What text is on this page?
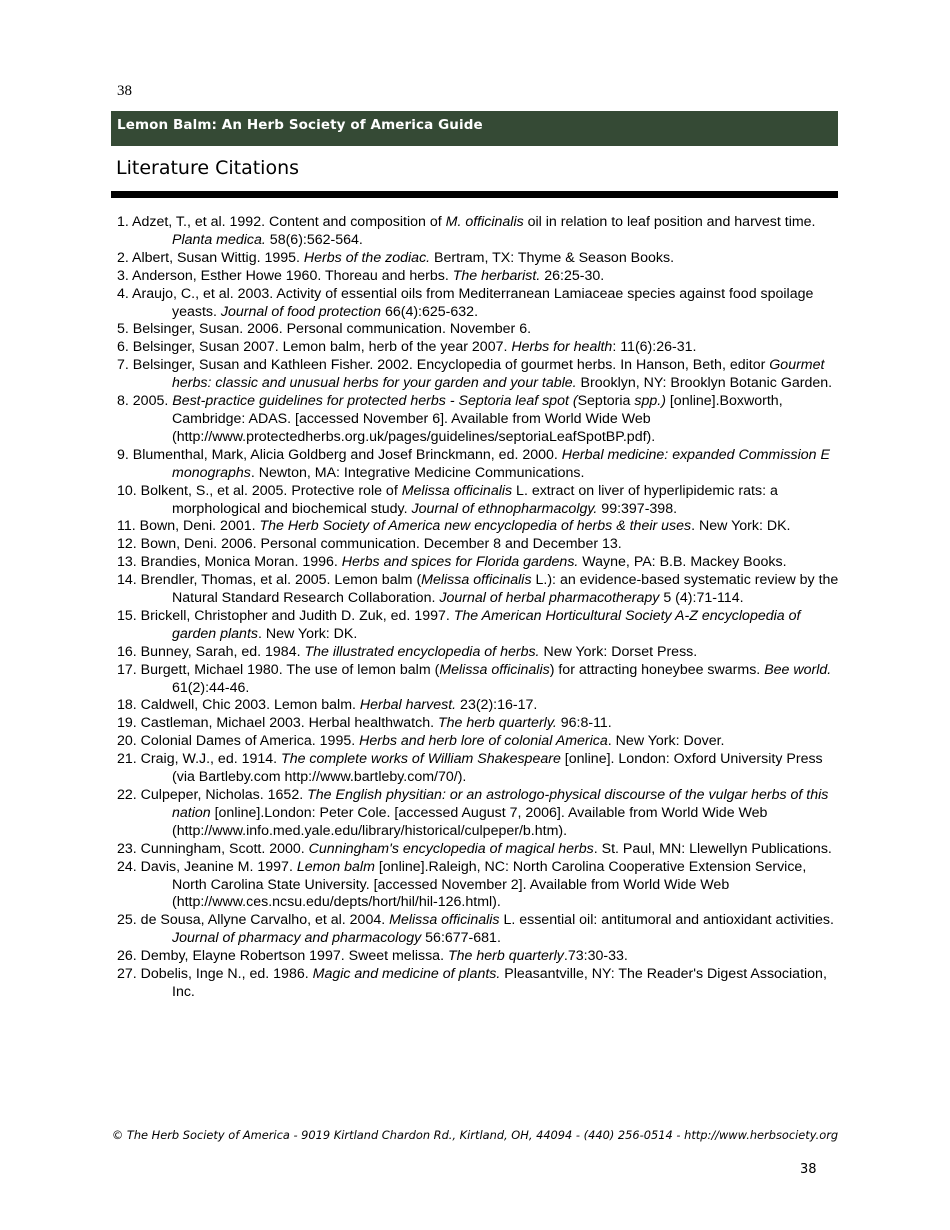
38
Lemon Balm: An Herb Society of America Guide
Literature Citations
1. Adzet, T., et al. 1992. Content and composition of M. officinalis oil in relation to leaf position and harvest time. Planta medica. 58(6):562-564.
2. Albert, Susan Wittig. 1995. Herbs of the zodiac. Bertram, TX: Thyme & Season Books.
3. Anderson, Esther Howe 1960. Thoreau and herbs. The herbarist. 26:25-30.
4. Araujo, C., et al. 2003. Activity of essential oils from Mediterranean Lamiaceae species against food spoilage yeasts. Journal of food protection 66(4):625-632.
5. Belsinger, Susan. 2006. Personal communication. November 6.
6. Belsinger, Susan 2007. Lemon balm, herb of the year 2007. Herbs for health: 11(6):26-31.
7. Belsinger, Susan and Kathleen Fisher. 2002. Encyclopedia of gourmet herbs. In Hanson, Beth, editor Gourmet herbs: classic and unusual herbs for your garden and your table. Brooklyn, NY: Brooklyn Botanic Garden.
8. 2005. Best-practice guidelines for protected herbs - Septoria leaf spot (Septoria spp.) [online].Boxworth, Cambridge: ADAS. [accessed November 6]. Available from World Wide Web (http://www.protectedherbs.org.uk/pages/guidelines/septoriaLeafSpotBP.pdf).
9. Blumenthal, Mark, Alicia Goldberg and Josef Brinckmann, ed. 2000. Herbal medicine: expanded Commission E monographs. Newton, MA: Integrative Medicine Communications.
10. Bolkent, S., et al. 2005. Protective role of Melissa officinalis L. extract on liver of hyperlipidemic rats: a morphological and biochemical study. Journal of ethnopharmacolgy. 99:397-398.
11. Bown, Deni. 2001. The Herb Society of America new encyclopedia of herbs & their uses. New York: DK.
12. Bown, Deni. 2006. Personal communication. December 8 and December 13.
13. Brandies, Monica Moran. 1996. Herbs and spices for Florida gardens. Wayne, PA: B.B. Mackey Books.
14. Brendler, Thomas, et al. 2005. Lemon balm (Melissa officinalis L.): an evidence-based systematic review by the Natural Standard Research Collaboration. Journal of herbal pharmacotherapy 5 (4):71-114.
15. Brickell, Christopher and Judith D. Zuk, ed. 1997. The American Horticultural Society A-Z encyclopedia of garden plants. New York: DK.
16. Bunney, Sarah, ed. 1984. The illustrated encyclopedia of herbs. New York: Dorset Press.
17. Burgett, Michael 1980. The use of lemon balm (Melissa officinalis) for attracting honeybee swarms. Bee world. 61(2):44-46.
18. Caldwell, Chic 2003. Lemon balm. Herbal harvest. 23(2):16-17.
19. Castleman, Michael 2003. Herbal healthwatch. The herb quarterly. 96:8-11.
20. Colonial Dames of America. 1995. Herbs and herb lore of colonial America. New York: Dover.
21. Craig, W.J., ed. 1914. The complete works of William Shakespeare [online]. London: Oxford University Press (via Bartleby.com http://www.bartleby.com/70/).
22. Culpeper, Nicholas. 1652. The English physitian: or an astrologo-physical discourse of the vulgar herbs of this nation [online].London: Peter Cole. [accessed August 7, 2006]. Available from World Wide Web (http://www.info.med.yale.edu/library/historical/culpeper/b.htm).
23. Cunningham, Scott. 2000. Cunningham's encyclopedia of magical herbs. St. Paul, MN: Llewellyn Publications.
24. Davis, Jeanine M. 1997. Lemon balm [online].Raleigh, NC: North Carolina Cooperative Extension Service, North Carolina State University. [accessed November 2]. Available from World Wide Web (http://www.ces.ncsu.edu/depts/hort/hil/hil-126.html).
25. de Sousa, Allyne Carvalho, et al. 2004. Melissa officinalis L. essential oil: antitumoral and antioxidant activities. Journal of pharmacy and pharmacology 56:677-681.
26. Demby, Elayne Robertson 1997. Sweet melissa. The herb quarterly.73:30-33.
27. Dobelis, Inge N., ed. 1986. Magic and medicine of plants. Pleasantville, NY: The Reader's Digest Association, Inc.
© The Herb Society of America - 9019 Kirtland Chardon Rd., Kirtland, OH, 44094 - (440) 256-0514 - http://www.herbsociety.org
38
